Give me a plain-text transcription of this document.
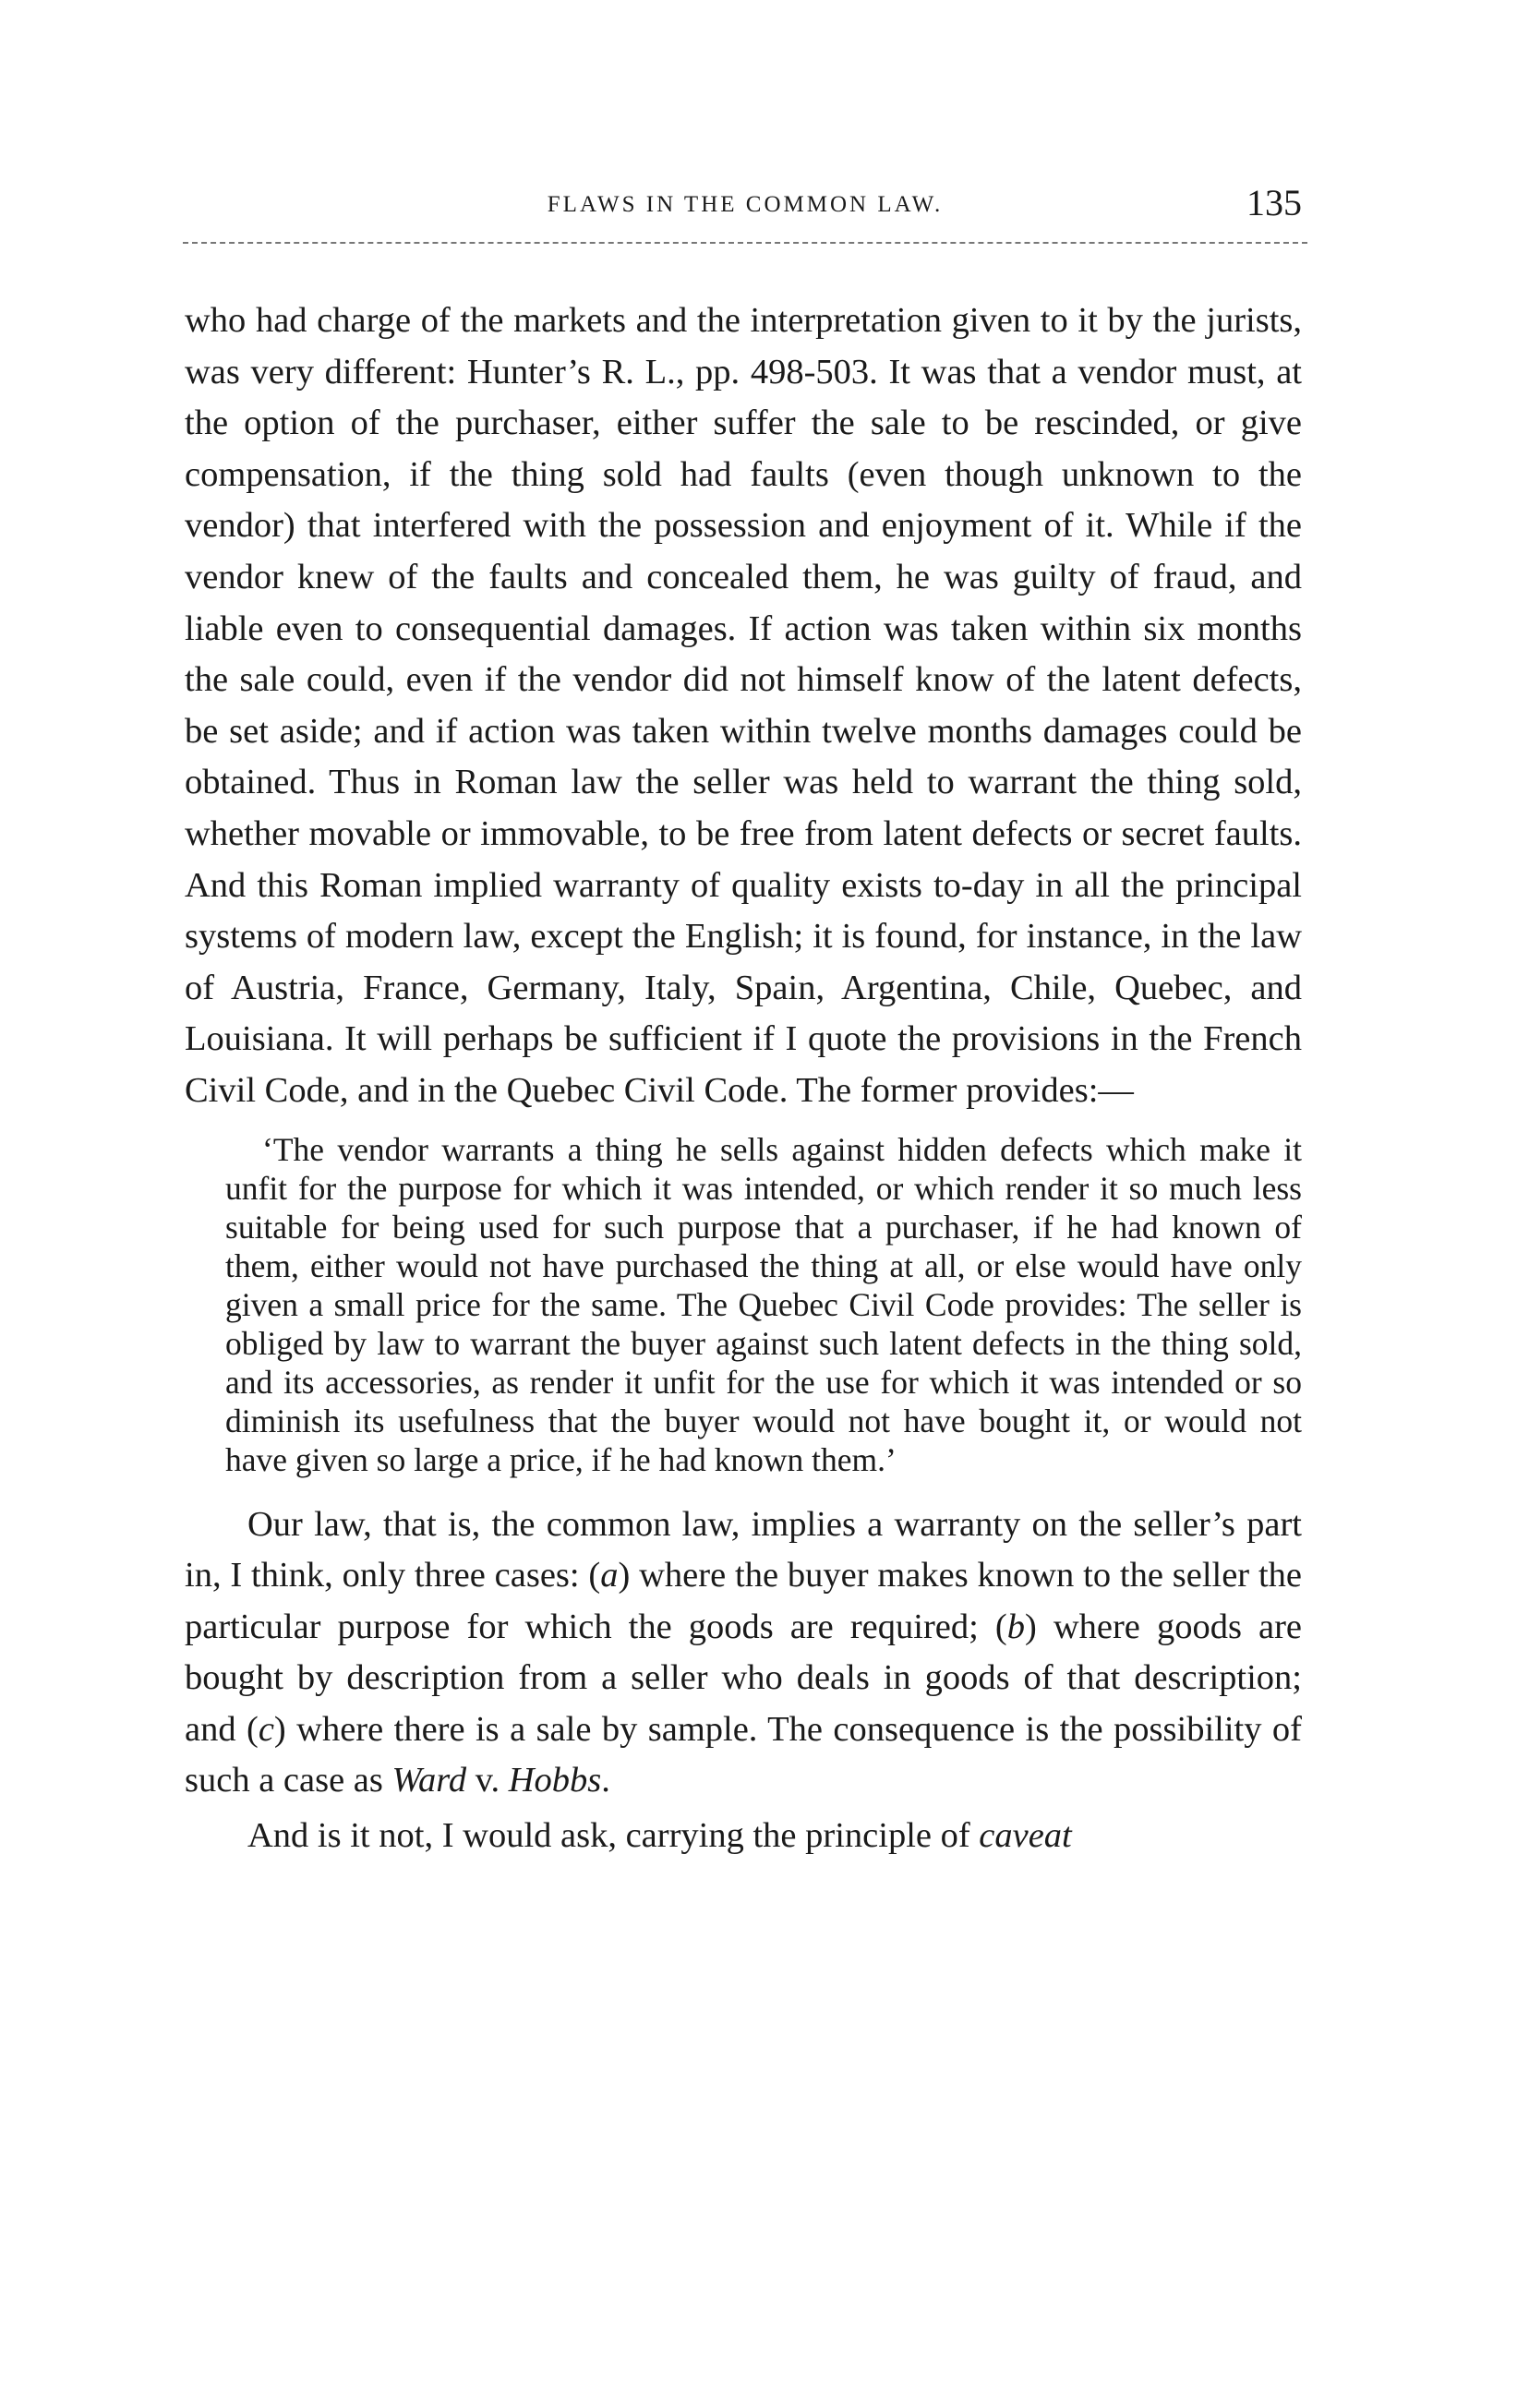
FLAWS IN THE COMMON LAW.	135

who had charge of the markets and the interpretation given to it by the jurists, was very different: Hunter’s R. L., pp. 498-503. It was that a vendor must, at the option of the purchaser, either suffer the sale to be rescinded, or give compensation, if the thing sold had faults (even though unknown to the vendor) that interfered with the possession and enjoyment of it. While if the vendor knew of the faults and concealed them, he was guilty of fraud, and liable even to consequential damages. If action was taken within six months the sale could, even if the vendor did not himself know of the latent defects, be set aside; and if action was taken within twelve months damages could be obtained. Thus in Roman law the seller was held to warrant the thing sold, whether movable or immovable, to be free from latent defects or secret faults. And this Roman implied warranty of quality exists to-day in all the principal systems of modern law, except the English; it is found, for instance, in the law of Austria, France, Germany, Italy, Spain, Argentina, Chile, Quebec, and Louisiana. It will perhaps be sufficient if I quote the provisions in the French Civil Code, and in the Quebec Civil Code. The former provides:—

‘The vendor warrants a thing he sells against hidden defects which make it unfit for the purpose for which it was intended, or which render it so much less suitable for being used for such purpose that a purchaser, if he had known of them, either would not have purchased the thing at all, or else would have only given a small price for the same. The Quebec Civil Code provides: The seller is obliged by law to warrant the buyer against such latent defects in the thing sold, and its accessories, as render it unfit for the use for which it was intended or so diminish its usefulness that the buyer would not have bought it, or would not have given so large a price, if he had known them.’

Our law, that is, the common law, implies a warranty on the seller’s part in, I think, only three cases: (a) where the buyer makes known to the seller the particular purpose for which the goods are required; (b) where goods are bought by description from a seller who deals in goods of that description; and (c) where there is a sale by sample. The consequence is the possibility of such a case as Ward v. Hobbs.

And is it not, I would ask, carrying the principle of caveat
